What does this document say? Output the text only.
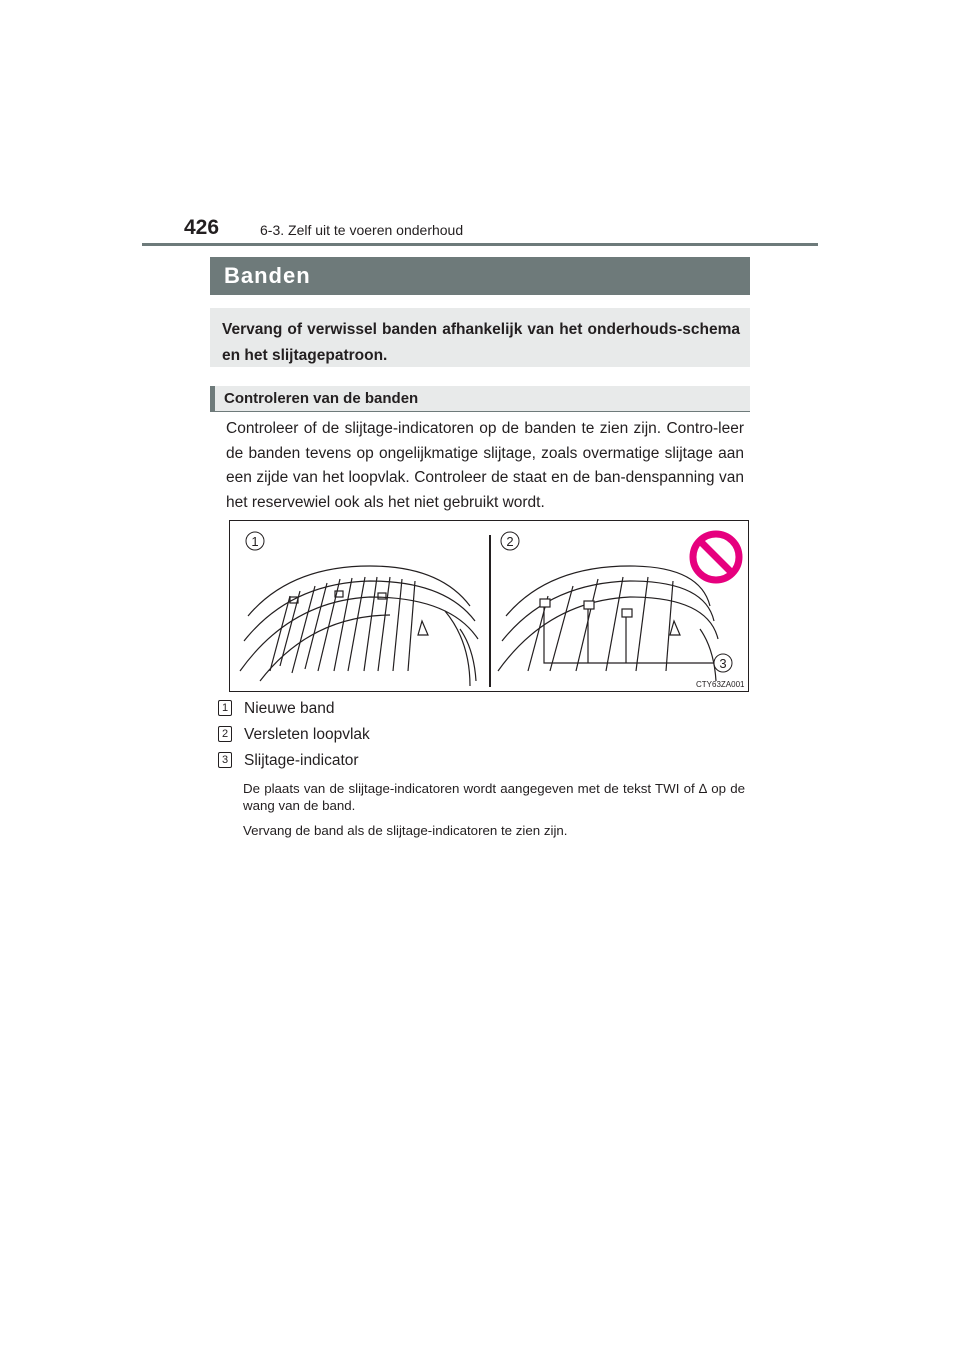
426	6-3. Zelf uit te voeren onderhoud
Banden

Vervang of verwissel banden afhankelijk van het onderhouds-schema en het slijtagepatroon.

Controleren van de banden

Controleer of de slijtage-indicatoren op de banden te zien zijn. Contro-leer de banden tevens op ongelijkmatige slijtage, zoals overmatige slijtage aan een zijde van het loopvlak. Controleer de staat en de ban-denspanning van het reservewiel ook als het niet gebruikt wordt.

1	2
3
CTY63ZA001
1 Nieuwe band
2 Versleten loopvlak
3 Slijtage-indicator

De plaats van de slijtage-indicatoren wordt aangegeven met de tekst TWI of ∆ op de wang van de band.

Vervang de band als de slijtage-indicatoren te zien zijn.
